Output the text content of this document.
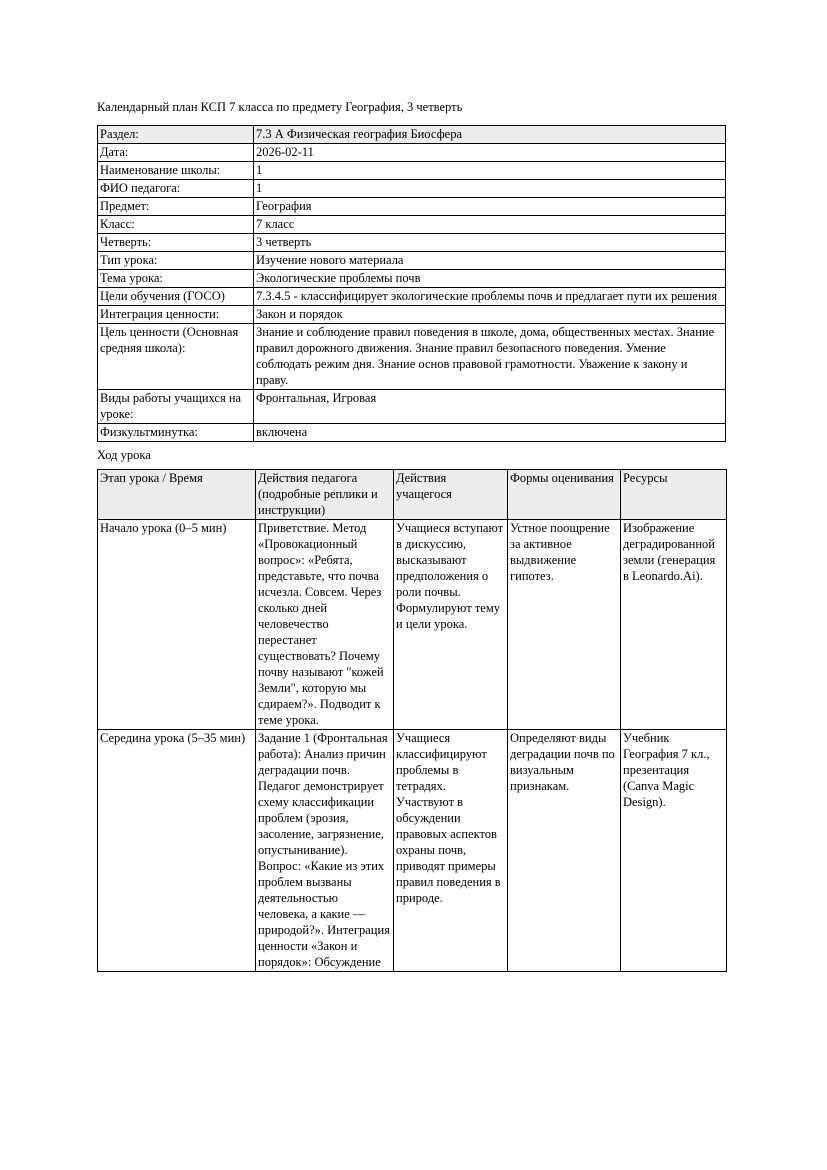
Календарный план КСП 7 класса по предмету География, 3 четверть

Раздел:	7.3 А Физическая география Биосфера
Дата:	2026-02-11
Наименование школы:	1
ФИО педагога:	1
Предмет:	География
Класс:	7 класс
Четверть:	3 четверть
Тип урока:	Изучение нового материала
Тема урока:	Экологические проблемы почв
Цели обучения (ГОСО)	7.3.4.5 - классифицирует экологические проблемы почв и предлагает пути их решения
Интеграция ценности:	Закон и порядок
Цель ценности (Основная средняя школа):	Знание и соблюдение правил поведения в школе, дома, общественных местах. Знание правил дорожного движения. Знание правил безопасного поведения. Умение соблюдать режим дня. Знание основ правовой грамотности. Уважение к закону и праву.
Виды работы учащихся на уроке:	Фронтальная, Игровая
Физкультминутка:	включена

Ход урока

Этап урока / Время	Действия педагога (подробные реплики и инструкции)	Действия учащегося	Формы оценивания	Ресурсы
Начало урока (0–5 мин)	Приветствие. Метод «Провокационный вопрос»: «Ребята, представьте, что почва исчезла. Совсем. Через сколько дней человечество перестанет существовать? Почему почву называют "кожей Земли", которую мы сдираем?». Подводит к теме урока.	Учащиеся вступают в дискуссию, высказывают предположения о роли почвы. Формулируют тему и цели урока.	Устное поощрение за активное выдвижение гипотез.	Изображение деградированной земли (генерация в Leonardo.Ai).
Середина урока (5–35 мин)	Задание 1 (Фронтальная работа): Анализ причин деградации почв. Педагог демонстрирует схему классификации проблем (эрозия, засоление, загрязнение, опустынивание). Вопрос: «Какие из этих проблем вызваны деятельностью человека, а какие — природой?». Интеграция ценности «Закон и порядок»: Обсуждение	Учащиеся классифицируют проблемы в тетрадях. Участвуют в обсуждении правовых аспектов охраны почв, приводят примеры правил поведения в природе.	Определяют виды деградации почв по визуальным признакам.	Учебник География 7 кл., презентация (Canva Magic Design).
